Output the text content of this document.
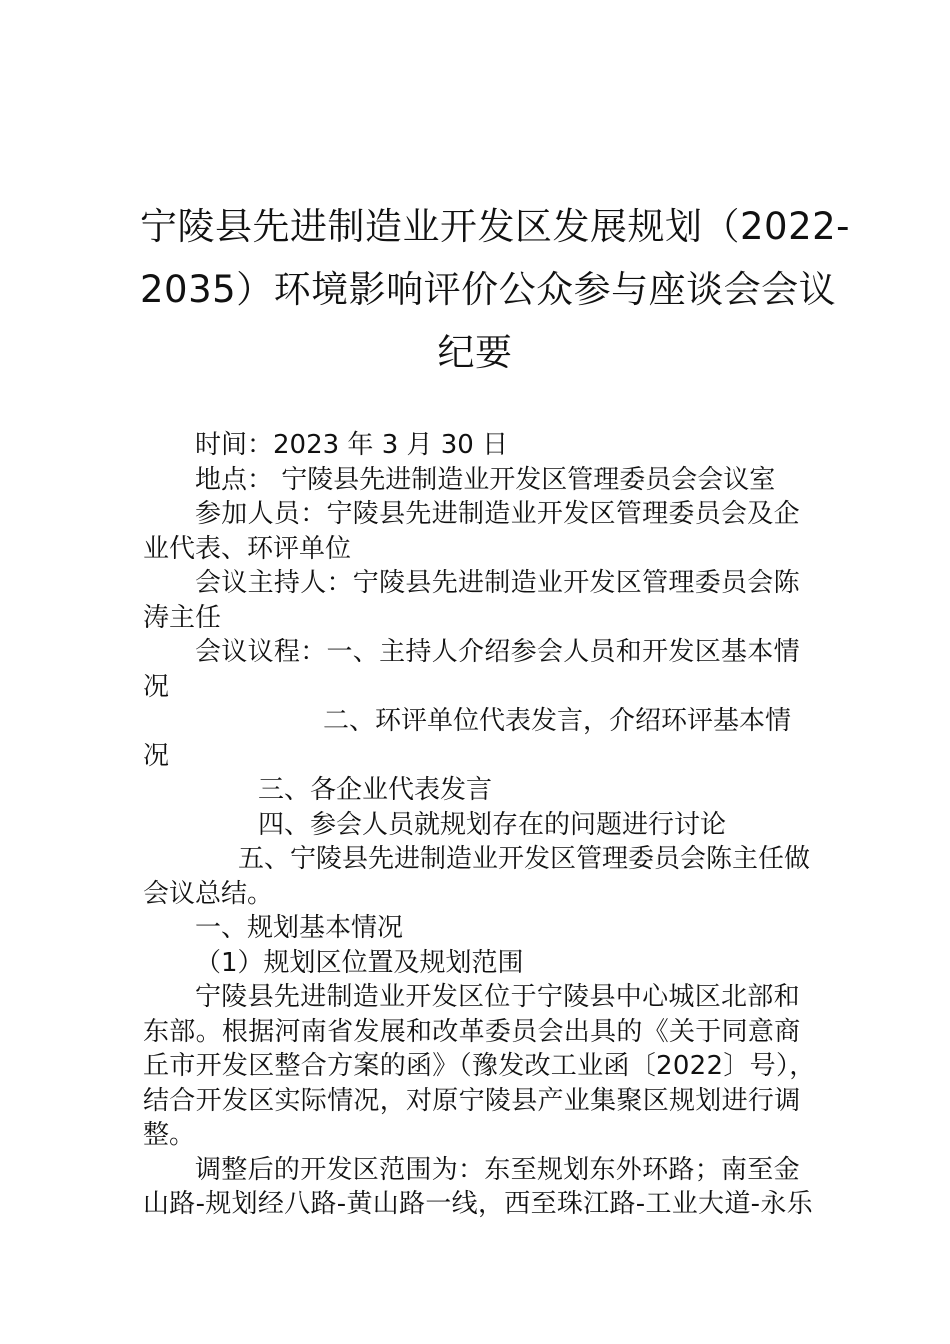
宁陵县先进制造业开发区发展规划（2022-
2035）环境影响评价公众参与座谈会会议
纪要
时间：2023 年 3 月 30 日
地点： 宁陵县先进制造业开发区管理委员会会议室
参加人员：宁陵县先进制造业开发区管理委员会及企
业代表、环评单位
会议主持人：宁陵县先进制造业开发区管理委员会陈
涛主任
会议议程：一、主持人介绍参会人员和开发区基本情
况
二、环评单位代表发言，介绍环评基本情
况
三、各企业代表发言
四、参会人员就规划存在的问题进行讨论
五、宁陵县先进制造业开发区管理委员会陈主任做
会议总结。
一、规划基本情况
（1）规划区位置及规划范围
宁陵县先进制造业开发区位于宁陵县中心城区北部和
东部。根据河南省发展和改革委员会出具的《关于同意商
丘市开发区整合方案的函》（豫发改工业函〔2022〕号），
结合开发区实际情况，对原宁陵县产业集聚区规划进行调
整。
调整后的开发区范围为：东至规划东外环路；南至金
山路-规划经八路-黄山路一线，西至珠江路-工业大道-永乐
